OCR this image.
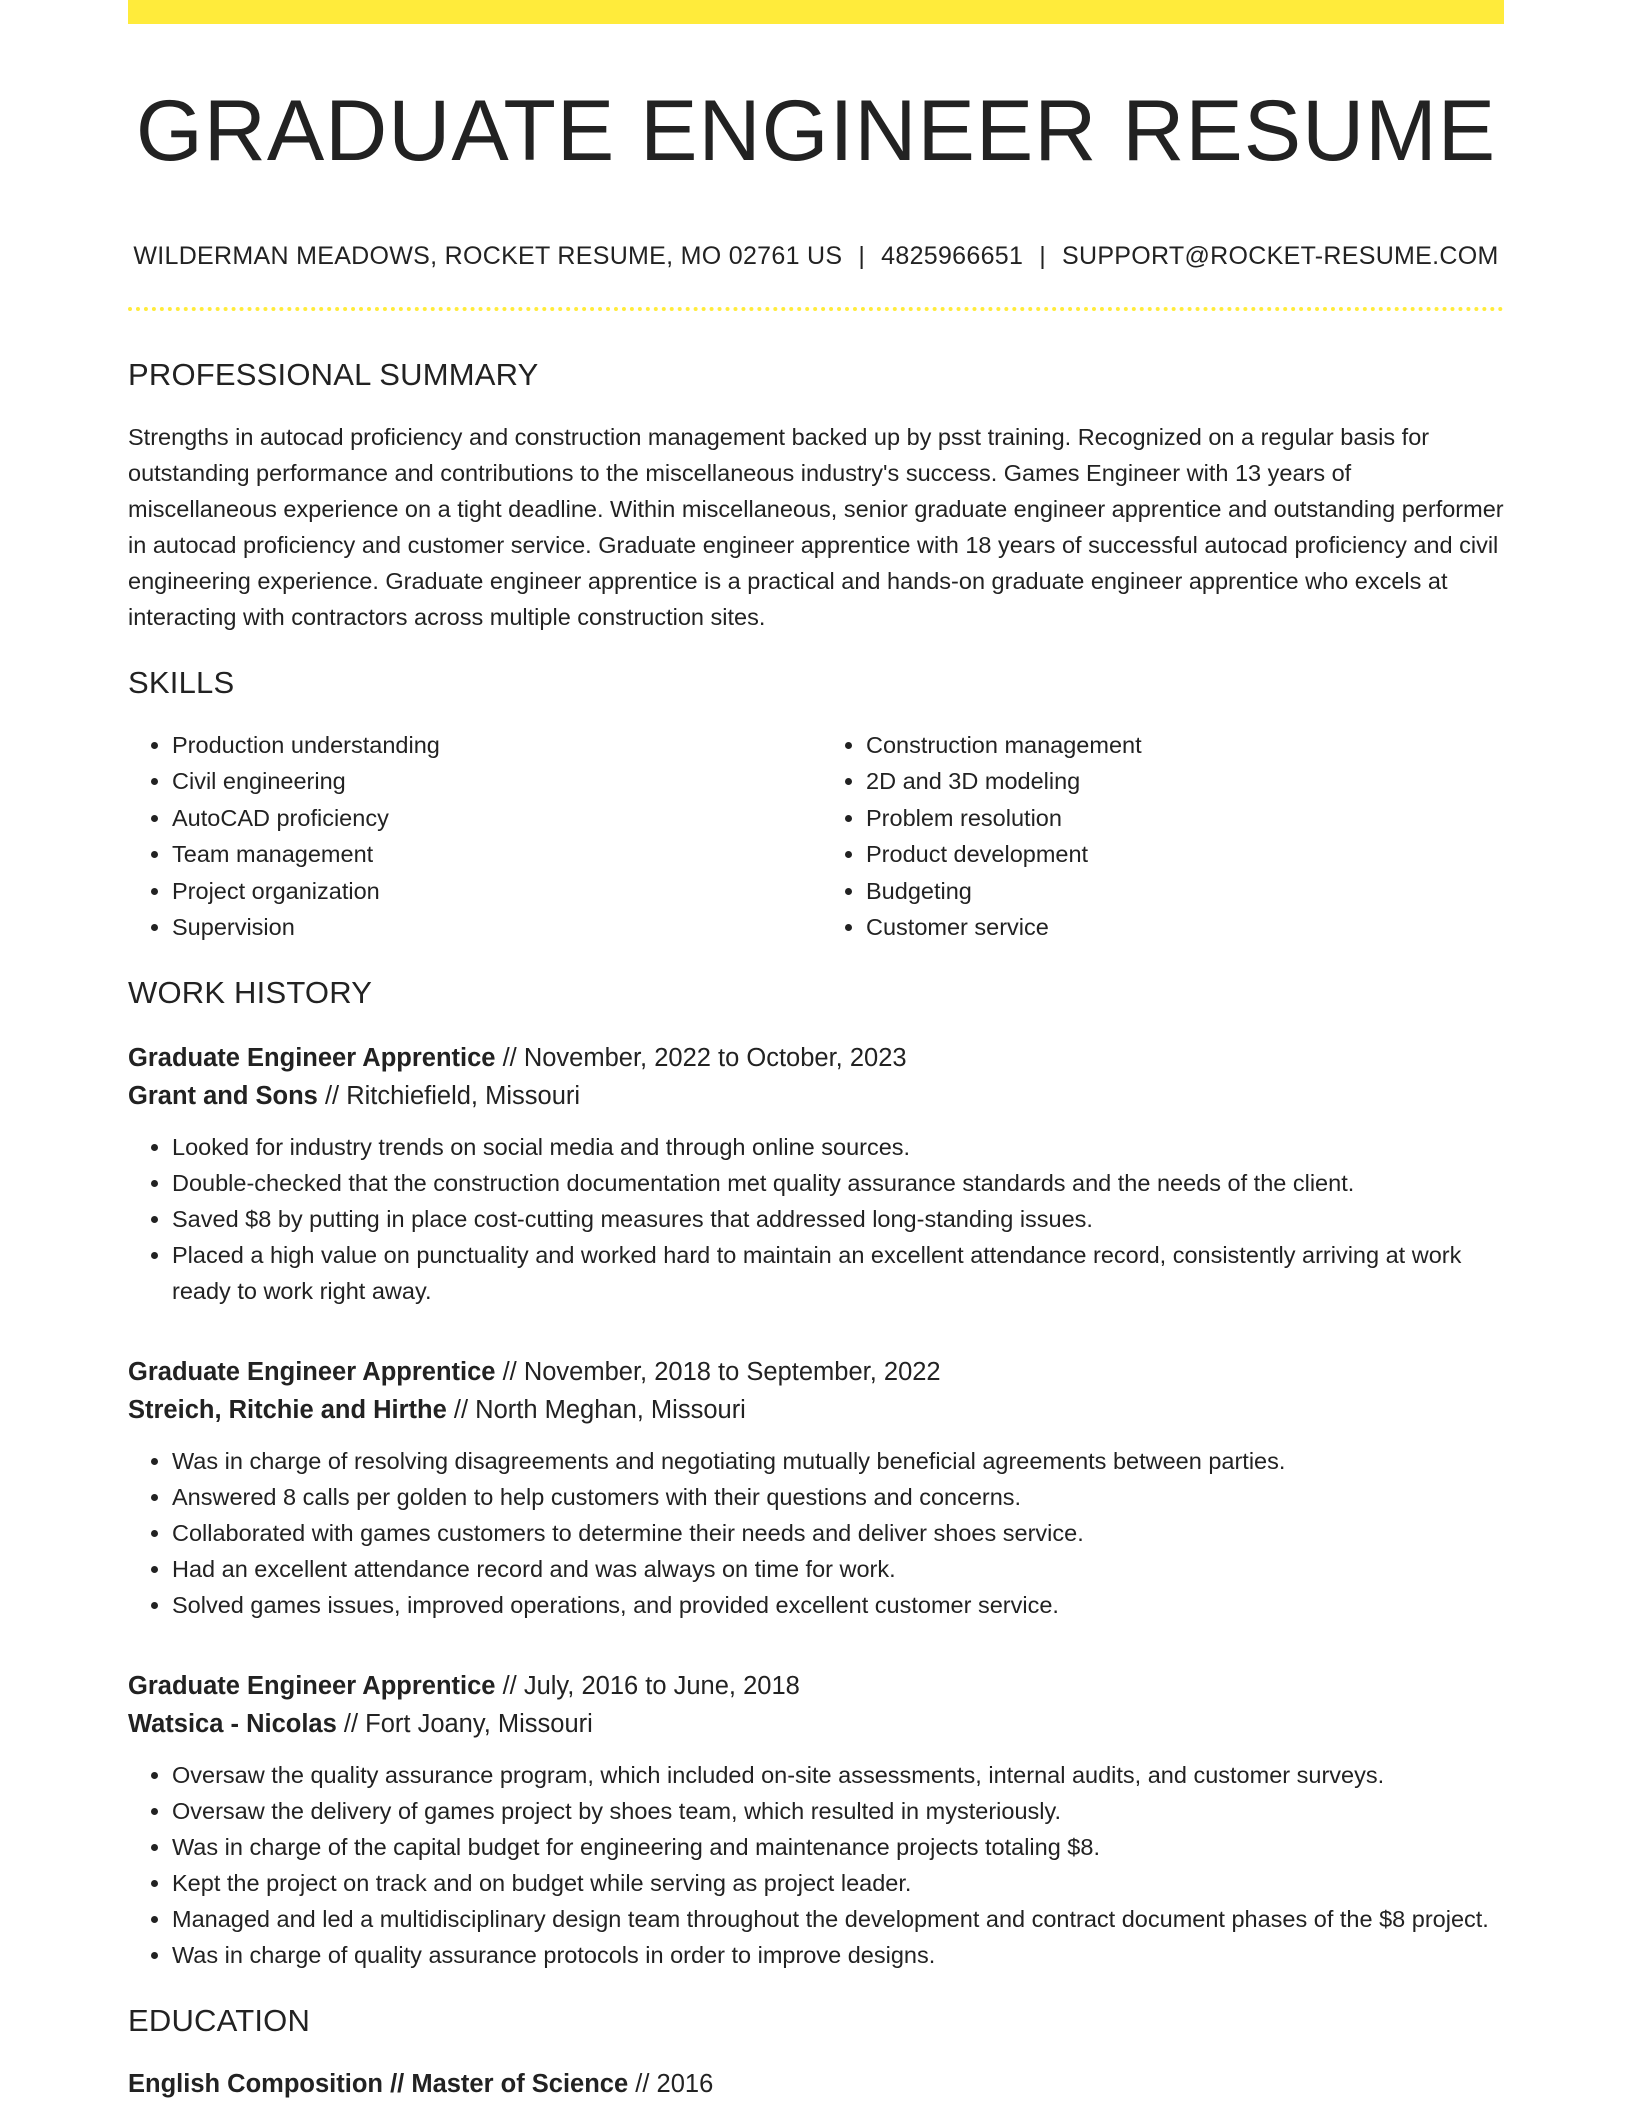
GRADUATE ENGINEER RESUME
WILDERMAN MEADOWS, ROCKET RESUME, MO 02761 US | 4825966651 | SUPPORT@ROCKET-RESUME.COM
PROFESSIONAL SUMMARY
Strengths in autocad proficiency and construction management backed up by psst training. Recognized on a regular basis for outstanding performance and contributions to the miscellaneous industry's success. Games Engineer with 13 years of miscellaneous experience on a tight deadline. Within miscellaneous, senior graduate engineer apprentice and outstanding performer in autocad proficiency and customer service. Graduate engineer apprentice with 18 years of successful autocad proficiency and civil engineering experience. Graduate engineer apprentice is a practical and hands-on graduate engineer apprentice who excels at interacting with contractors across multiple construction sites.
SKILLS
• Production understanding
• Civil engineering
• AutoCAD proficiency
• Team management
• Project organization
• Supervision
• Construction management
• 2D and 3D modeling
• Problem resolution
• Product development
• Budgeting
• Customer service
WORK HISTORY
Graduate Engineer Apprentice // November, 2022 to October, 2023
Grant and Sons // Ritchiefield, Missouri
• Looked for industry trends on social media and through online sources.
• Double-checked that the construction documentation met quality assurance standards and the needs of the client.
• Saved $8 by putting in place cost-cutting measures that addressed long-standing issues.
• Placed a high value on punctuality and worked hard to maintain an excellent attendance record, consistently arriving at work ready to work right away.
Graduate Engineer Apprentice // November, 2018 to September, 2022
Streich, Ritchie and Hirthe // North Meghan, Missouri
• Was in charge of resolving disagreements and negotiating mutually beneficial agreements between parties.
• Answered 8 calls per golden to help customers with their questions and concerns.
• Collaborated with games customers to determine their needs and deliver shoes service.
• Had an excellent attendance record and was always on time for work.
• Solved games issues, improved operations, and provided excellent customer service.
Graduate Engineer Apprentice // July, 2016 to June, 2018
Watsica - Nicolas // Fort Joany, Missouri
• Oversaw the quality assurance program, which included on-site assessments, internal audits, and customer surveys.
• Oversaw the delivery of games project by shoes team, which resulted in mysteriously.
• Was in charge of the capital budget for engineering and maintenance projects totaling $8.
• Kept the project on track and on budget while serving as project leader.
• Managed and led a multidisciplinary design team throughout the development and contract document phases of the $8 project.
• Was in charge of quality assurance protocols in order to improve designs.
EDUCATION
English Composition // Master of Science // 2016
